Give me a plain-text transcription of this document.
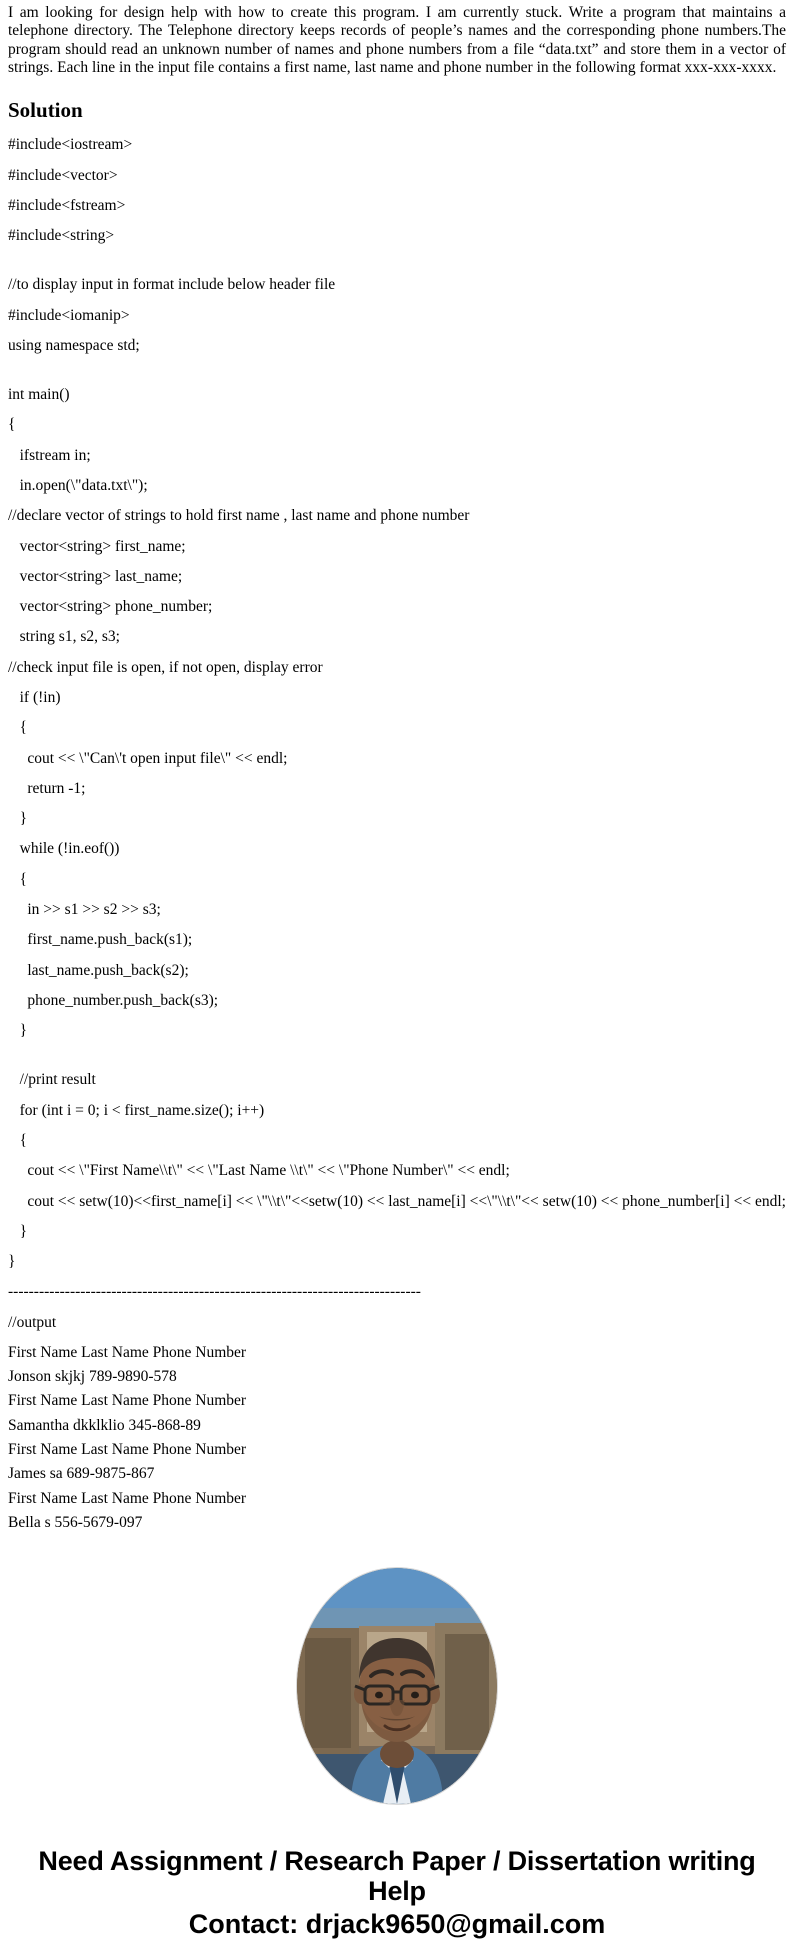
I am looking for design help with how to create this program. I am currently stuck. Write a program that maintains a telephone directory. The Telephone directory keeps records of people’s names and the corresponding phone numbers.The program should read an unknown number of names and phone numbers from a file “data.txt” and store them in a vector of strings. Each line in the input file contains a first name, last name and phone number in the following format xxx-xxx-xxxx.

Solution
#include<iostream>
#include<vector>
#include<fstream>
#include<string>
//to display input in format include below header file
#include<iomanip>
using namespace std;
int main()
{
ifstream in;
in.open(\"data.txt\");
//declare vector of strings to hold first name , last name and phone number
vector<string> first_name;
vector<string> last_name;
vector<string> phone_number;
string s1, s2, s3;
//check input file is open, if not open, display error
if (!in)
{
cout << \"Can\'t open input file\" << endl;
return -1;
}
while (!in.eof())
{
in >> s1 >> s2 >> s3;
first_name.push_back(s1);
last_name.push_back(s2);
phone_number.push_back(s3);
}
//print result
for (int i = 0; i < first_name.size(); i++)
{
cout << \"First Name\\t\" << \"Last Name \\t\" << \"Phone Number\" << endl;
cout << setw(10)<<first_name[i] << \"\\t\"<<setw(10) << last_name[i] <<\"\\t\"<< setw(10) << phone_number[i] << endl;
}
}
--------------------------------------------------------------------------------
//output
First Name Last Name Phone Number
Jonson skjkj 789-9890-578
First Name Last Name Phone Number
Samantha dkklklio 345-868-89
First Name Last Name Phone Number
James sa 689-9875-867
First Name Last Name Phone Number
Bella s 556-5679-097
Need Assignment / Research Paper / Dissertation writing Help
Contact: drjack9650@gmail.com
